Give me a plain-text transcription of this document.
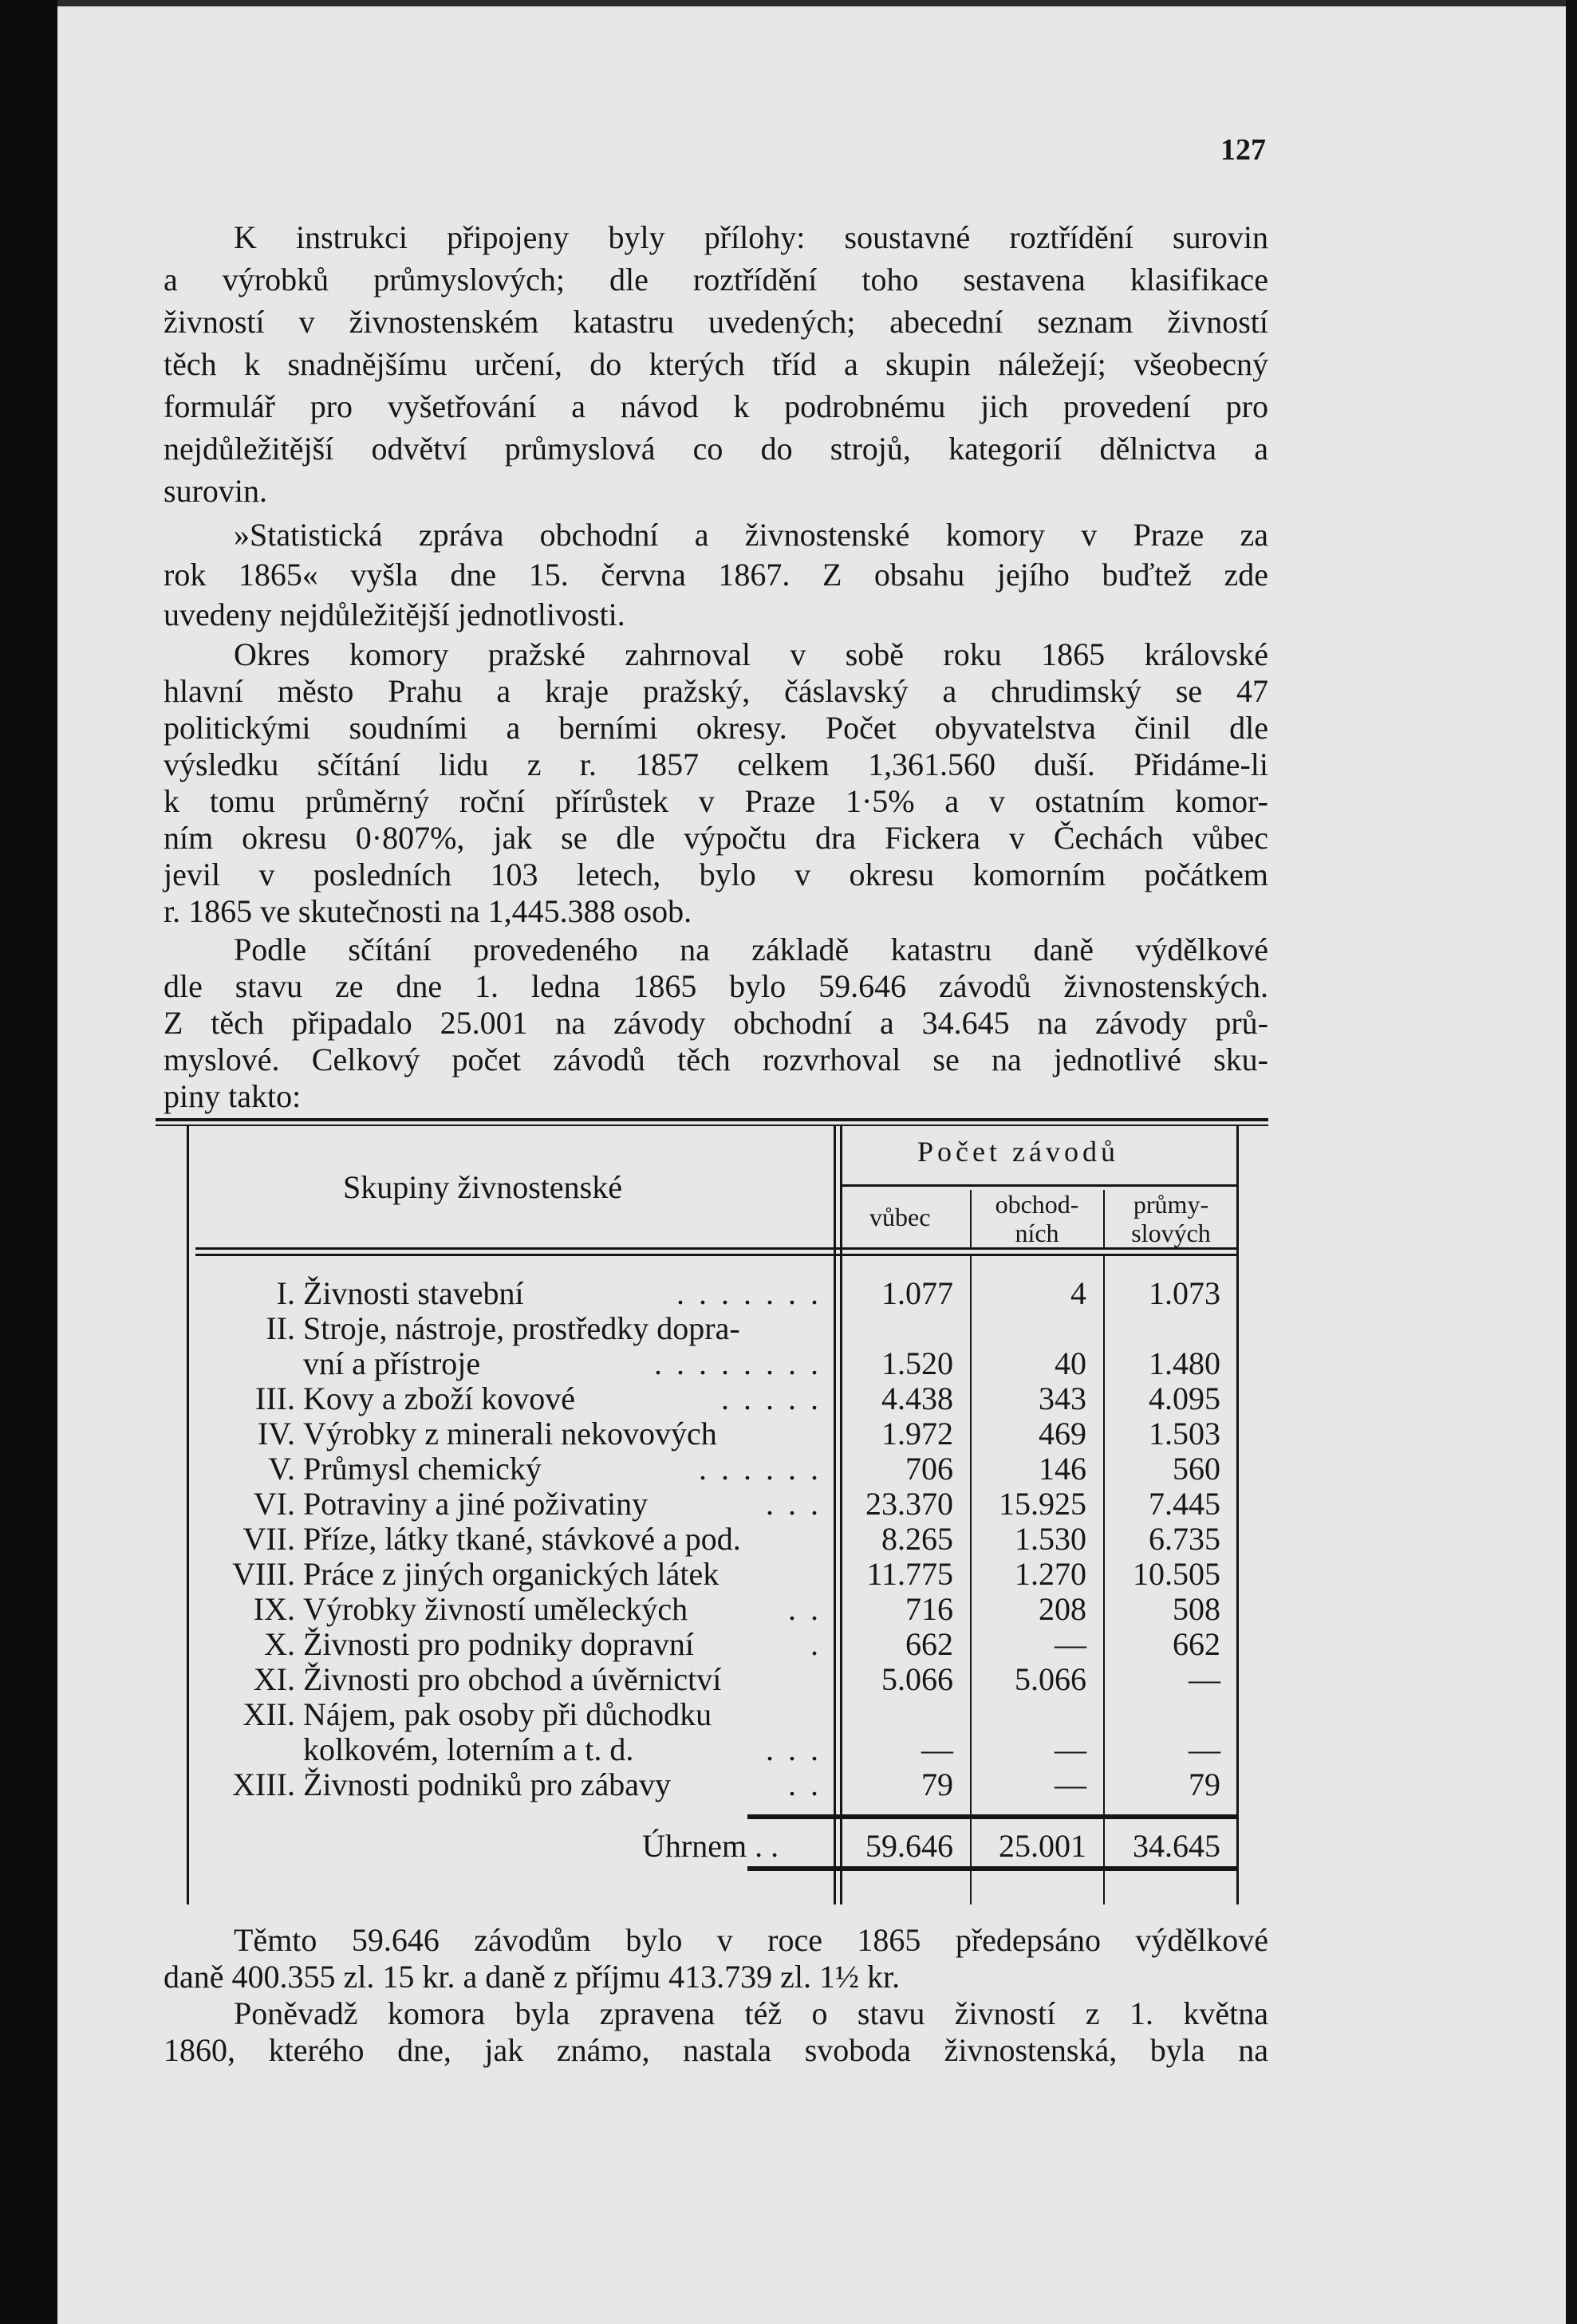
127
K instrukci připojeny byly přílohy: soustavné roztřídění surovin
a výrobků průmyslových; dle roztřídění toho sestavena klasifikace
živností v živnostenském katastru uvedených; abecední seznam živností
těch k snadnějšímu určení, do kterých tříd a skupin náležejí; všeobecný
formulář pro vyšetřování a návod k podrobnému jich provedení pro
nejdůležitější odvětví průmyslová co do strojů, kategorií dělnictva a
surovin.
»Statistická zpráva obchodní a živnostenské komory v Praze za
rok 1865« vyšla dne 15. června 1867. Z obsahu jejího buďtež zde
uvedeny nejdůležitější jednotlivosti.
Okres komory pražské zahrnoval v sobě roku 1865 královské
hlavní město Prahu a kraje pražský, čáslavský a chrudimský se 47
politickými soudními a berními okresy. Počet obyvatelstva činil dle
výsledku sčítání lidu z r. 1857 celkem 1,361.560 duší. Přidáme-li
k tomu průměrný roční přírůstek v Praze 1·5% a v ostatním komor-
ním okresu 0·807%, jak se dle výpočtu dra Fickera v Čechách vůbec
jevil v posledních 103 letech, bylo v okresu komorním počátkem
r. 1865 ve skutečnosti na 1,445.388 osob.
Podle sčítání provedeného na základě katastru daně výdělkové
dle stavu ze dne 1. ledna 1865 bylo 59.646 závodů živnostenských.
Z těch připadalo 25.001 na závody obchodní a 34.645 na závody prů-
myslové. Celkový počet závodů těch rozvrhoval se na jednotlivé sku-
piny takto:
Těmto 59.646 závodům bylo v roce 1865 předepsáno výdělkové
daně 400.355 zl. 15 kr. a daně z příjmu 413.739 zl. 1½ kr.
Poněvadž komora byla zpravena též o stavu živností z 1. května
1860, kterého dne, jak známo, nastala svoboda živnostenská, byla na
Skupiny živnostenské
Počet závodů
vůbec	obchod-
ních
průmy-
slových
I. Živnosti stavební	. . . . . . .	1.077	4	1.073
II. Stroje, nástroje, prostředky dopra-
vní a přístroje	. . . . . . . .	1.520	40	1.480
III. Kovy a zboží kovové	. . . . .	4.438	343	4.095
IV. Výrobky z minerali nekovových	1.972	469	1.503
V. Průmysl chemický	. . . . . .	706	146	560
VI. Potraviny a jiné poživatiny	. . .	23.370	15.925	7.445
VII. Příze, látky tkané, stávkové a pod.	8.265	1.530	6.735
VIII. Práce z jiných organických látek	11.775	1.270	10.505
IX. Výrobky živností uměleckých	. .	716	208	508
X. Živnosti pro podniky dopravní	.	662	—	662
XI. Živnosti pro obchod a úvěrnictví	5.066	5.066	—
XII. Nájem, pak osoby při důchodku
kolkovém, loterním a t. d.	. . .	—	—	—
XIII. Živnosti podniků pro zábavy	. .	79	—	79
Úhrnem . .	59.646	25.001	34.645
